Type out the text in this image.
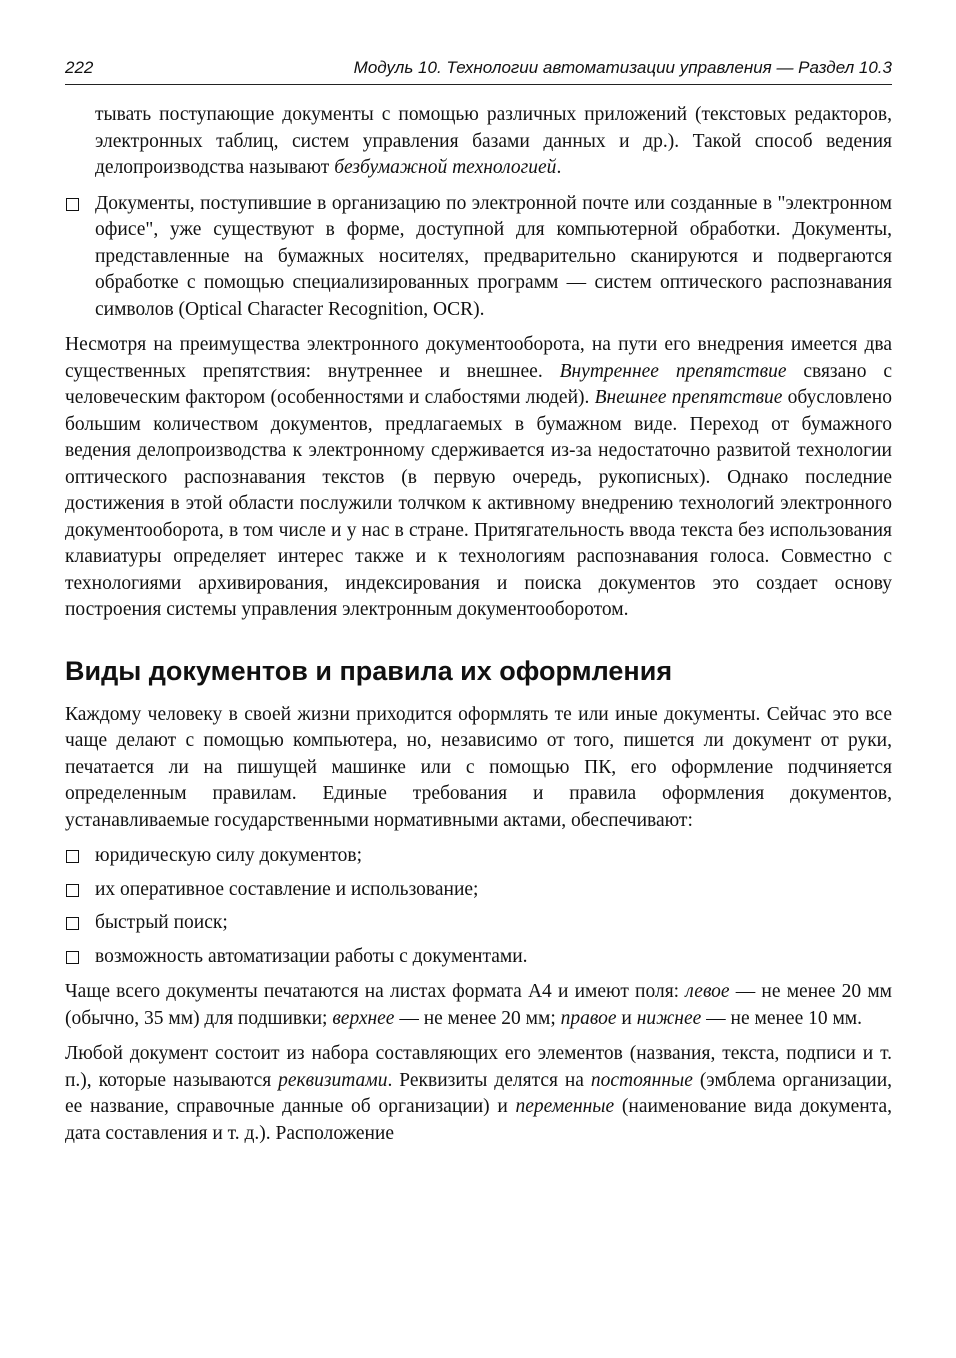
222	Модуль 10. Технологии автоматизации управления — Раздел 10.3

тывать поступающие документы с помощью различных приложений (текстовых редакторов, электронных таблиц, систем управления базами данных и др.). Такой способ ведения делопроизводства называют безбумажной технологией.

Документы, поступившие в организацию по электронной почте или созданные в "электронном офисе", уже существуют в форме, доступной для компьютерной обработки. Документы, представленные на бумажных носителях, предварительно сканируются и подвергаются обработке с помощью специализированных программ — систем оптического распознавания символов (Optical Character Recognition, OCR).

Несмотря на преимущества электронного документооборота, на пути его внедрения имеется два существенных препятствия: внутреннее и внешнее. Внутреннее препятствие связано с человеческим фактором (особенностями и слабостями людей). Внешнее препятствие обусловлено большим количеством документов, предлагаемых в бумажном виде. Переход от бумажного ведения делопроизводства к электронному сдерживается из-за недостаточно развитой технологии оптического распознавания текстов (в первую очередь, рукописных). Однако последние достижения в этой области послужили толчком к активному внедрению технологий электронного документооборота, в том числе и у нас в стране. Притягательность ввода текста без использования клавиатуры определяет интерес также и к технологиям распознавания голоса. Совместно с технологиями архивирования, индексирования и поиска документов это создает основу построения системы управления электронным документооборотом.

Виды документов и правила их оформления

Каждому человеку в своей жизни приходится оформлять те или иные документы. Сейчас это все чаще делают с помощью компьютера, но, независимо от того, пишется ли документ от руки, печатается ли на пишущей машинке или с помощью ПК, его оформление подчиняется определенным правилам. Единые требования и правила оформления документов, устанавливаемые государственными нормативными актами, обеспечивают:

юридическую силу документов;
их оперативное составление и использование;
быстрый поиск;
возможность автоматизации работы с документами.

Чаще всего документы печатаются на листах формата А4 и имеют поля: левое — не менее 20 мм (обычно, 35 мм) для подшивки; верхнее — не менее 20 мм; правое и нижнее — не менее 10 мм.

Любой документ состоит из набора составляющих его элементов (названия, текста, подписи и т. п.), которые называются реквизитами. Реквизиты делятся на постоянные (эмблема организации, ее название, справочные данные об организации) и переменные (наименование вида документа, дата составления и т. д.). Расположение
